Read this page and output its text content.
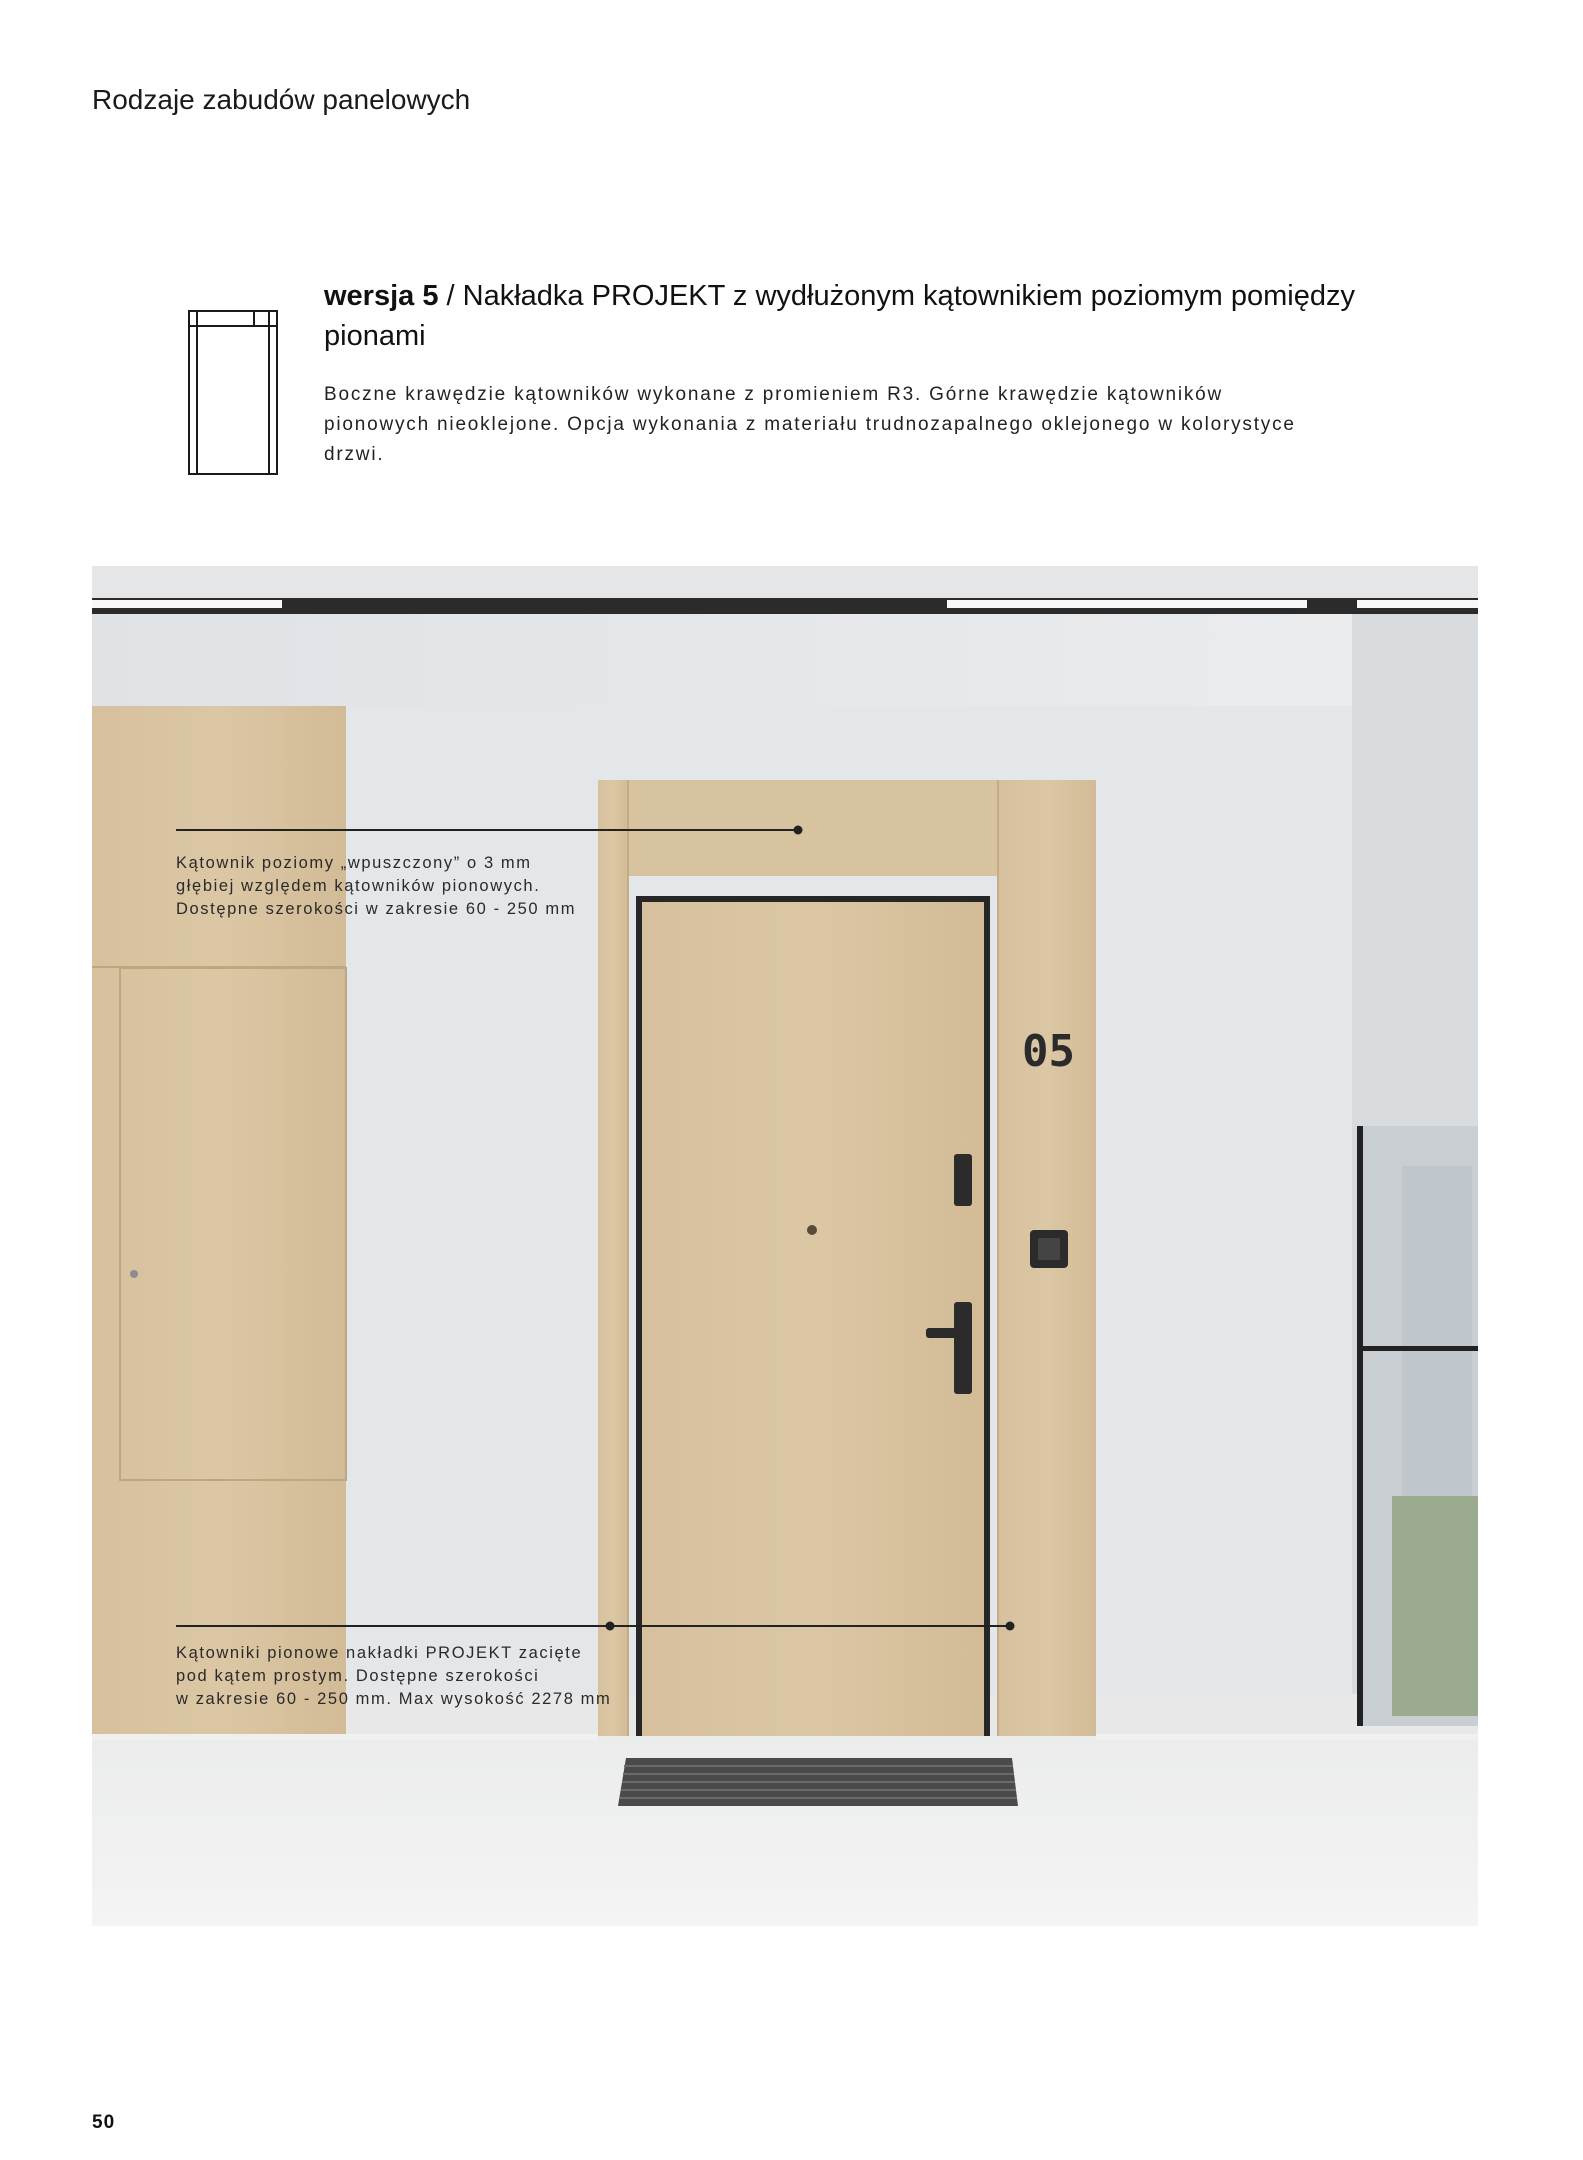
Rodzaje zabudów panelowych
wersja 5 / Nakładka PROJEKT z wydłużonym kątownikiem poziomym pomiędzy pionami
Boczne krawędzie kątowników wykonane z promieniem R3. Górne krawędzie kątowników pionowych nieoklejone. Opcja wykonania z materiału trudnozapalnego oklejonego w kolorystyce drzwi.
05
Kątownik poziomy „wpuszczony” o 3 mm
głębiej względem kątowników pionowych.
Dostępne szerokości w zakresie 60 - 250 mm
Kątowniki pionowe nakładki PROJEKT zacięte
pod kątem prostym. Dostępne szerokości
w zakresie 60 - 250 mm. Max wysokość 2278 mm
50
